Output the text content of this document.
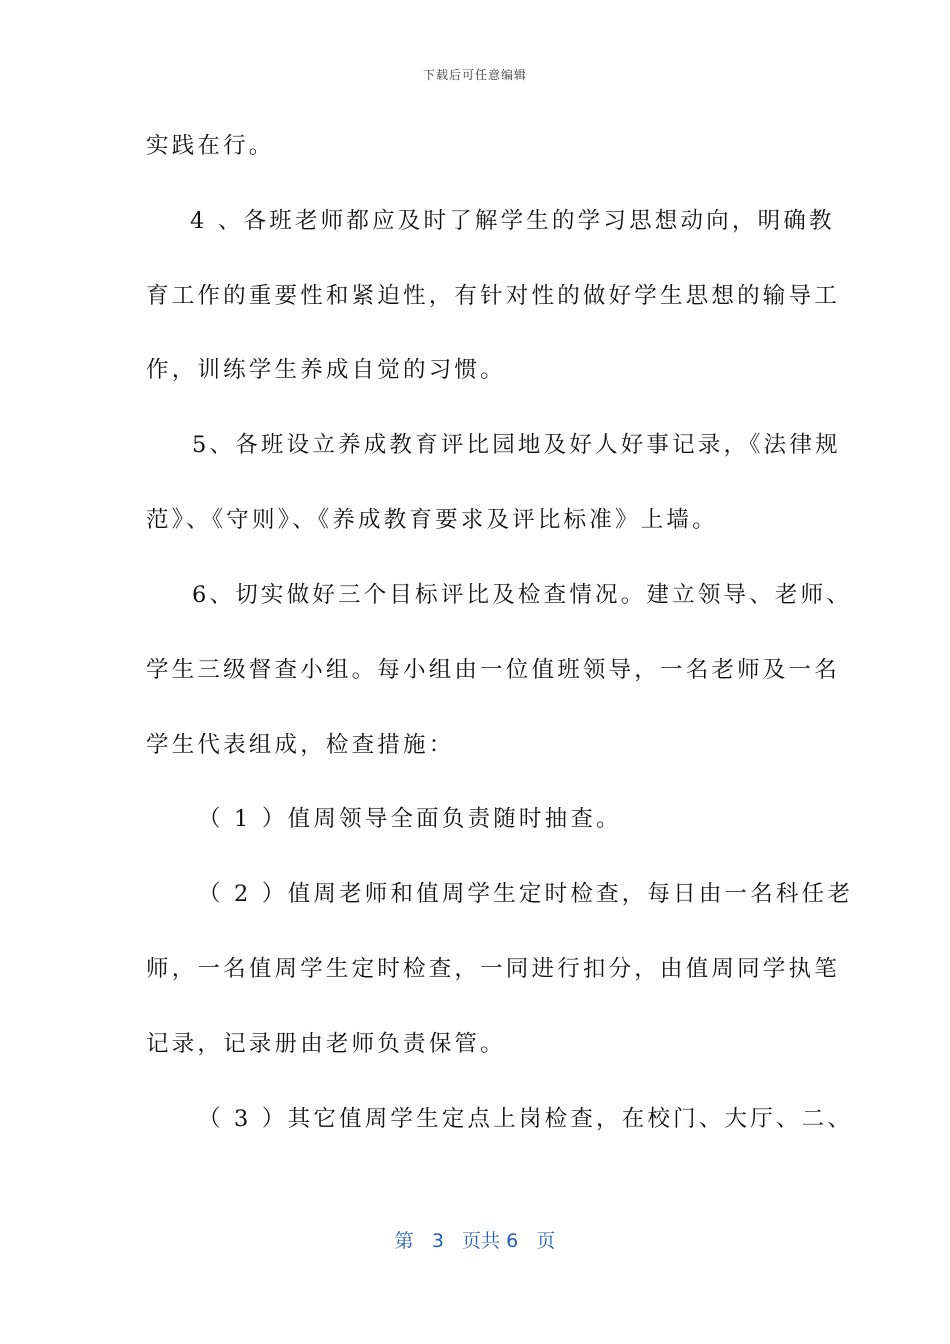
下载后可任意编辑
实践在行。
4 、各班老师都应及时了解学生的学习思想动向，明确教
育工作的重要性和紧迫性，有针对性的做好学生思想的输导工
作，训练学生养成自觉的习惯。
5、各班设立养成教育评比园地及好人好事记录，《法律规
范》、《守则》、《养成教育要求及评比标准》上墙。
6、切实做好三个目标评比及检查情况。建立领导、老师、
学生三级督查小组。每小组由一位值班领导，一名老师及一名
学生代表组成，检查措施：
（ 1 ）值周领导全面负责随时抽查。
（ 2 ）值周老师和值周学生定时检查，每日由一名科任老
师，一名值周学生定时检查，一同进行扣分，由值周同学执笔
记录，记录册由老师负责保管。
（ 3 ）其它值周学生定点上岗检查，在校门、大厅、二、
第 3 页共 6 页
